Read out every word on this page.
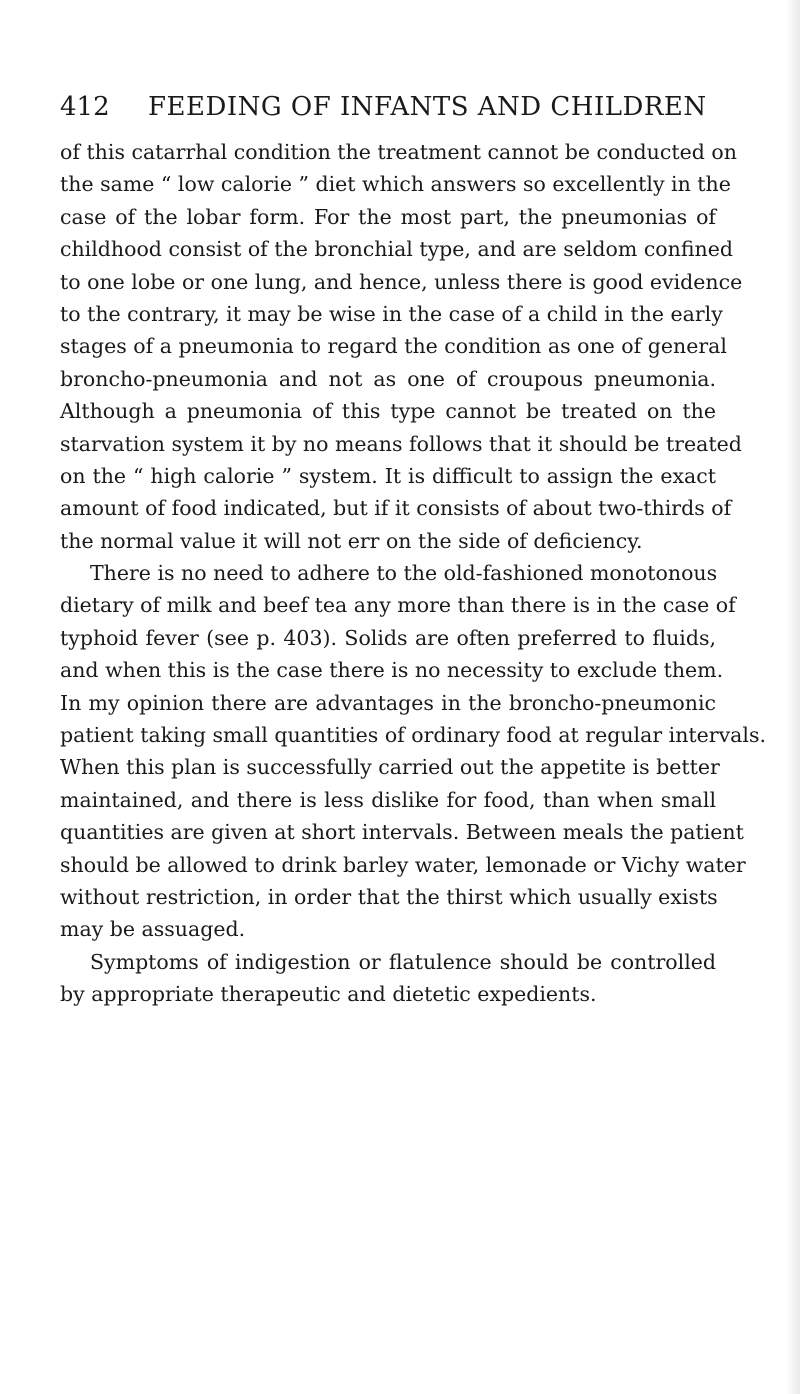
412 FEEDING OF INFANTS AND CHILDREN
of this catarrhal condition the treatment cannot be conducted on
the same “ low calorie ” diet which answers so excellently in the
case of the lobar form. For the most part, the pneumonias of
childhood consist of the bronchial type, and are seldom confined
to one lobe or one lung, and hence, unless there is good evidence
to the contrary, it may be wise in the case of a child in the early
stages of a pneumonia to regard the condition as one of general
broncho-pneumonia and not as one of croupous pneumonia.
Although a pneumonia of this type cannot be treated on the
starvation system it by no means follows that it should be treated
on the “ high calorie ” system. It is difficult to assign the exact
amount of food indicated, but if it consists of about two-thirds of
the normal value it will not err on the side of deficiency.
There is no need to adhere to the old-fashioned monotonous
dietary of milk and beef tea any more than there is in the case of
typhoid fever (see p. 403). Solids are often preferred to fluids,
and when this is the case there is no necessity to exclude them.
In my opinion there are advantages in the broncho-pneumonic
patient taking small quantities of ordinary food at regular intervals.
When this plan is successfully carried out the appetite is better
maintained, and there is less dislike for food, than when small
quantities are given at short intervals. Between meals the patient
should be allowed to drink barley water, lemonade or Vichy water
without restriction, in order that the thirst which usually exists
may be assuaged.
Symptoms of indigestion or flatulence should be controlled
by appropriate therapeutic and dietetic expedients.
